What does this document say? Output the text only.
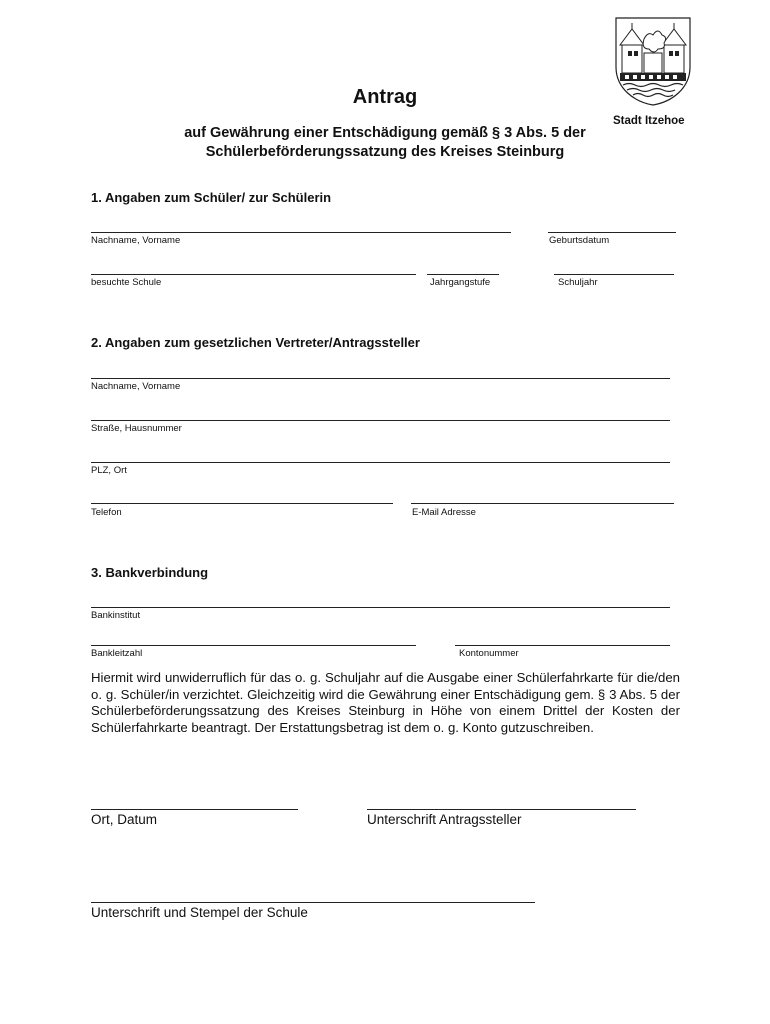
Antrag
Stadt Itzehoe
auf Gewährung einer Entschädigung gemäß § 3 Abs. 5 der
Schülerbeförderungssatzung des Kreises Steinburg
1. Angaben zum Schüler/ zur Schülerin
Nachname, Vorname	Geburtsdatum
besuchte Schule	Jahrgangstufe	Schuljahr
2. Angaben zum gesetzlichen Vertreter/Antragssteller
Nachname, Vorname
Straße, Hausnummer
PLZ, Ort
Telefon	E-Mail Adresse
3. Bankverbindung
Bankinstitut
Bankleitzahl	Kontonummer
Hiermit wird unwiderruflich für das o. g. Schuljahr auf die Ausgabe einer Schülerfahrkarte für die/den o. g. Schüler/in verzichtet. Gleichzeitig wird die Gewährung einer Entschädigung gem. § 3 Abs. 5 der Schülerbeförderungssatzung des Kreises Steinburg in Höhe von einem Drittel der Kosten der Schülerfahrkarte beantragt. Der Erstattungsbetrag ist dem o. g. Konto gutzuschreiben.
Ort, Datum	Unterschrift Antragssteller
Unterschrift und Stempel der Schule
